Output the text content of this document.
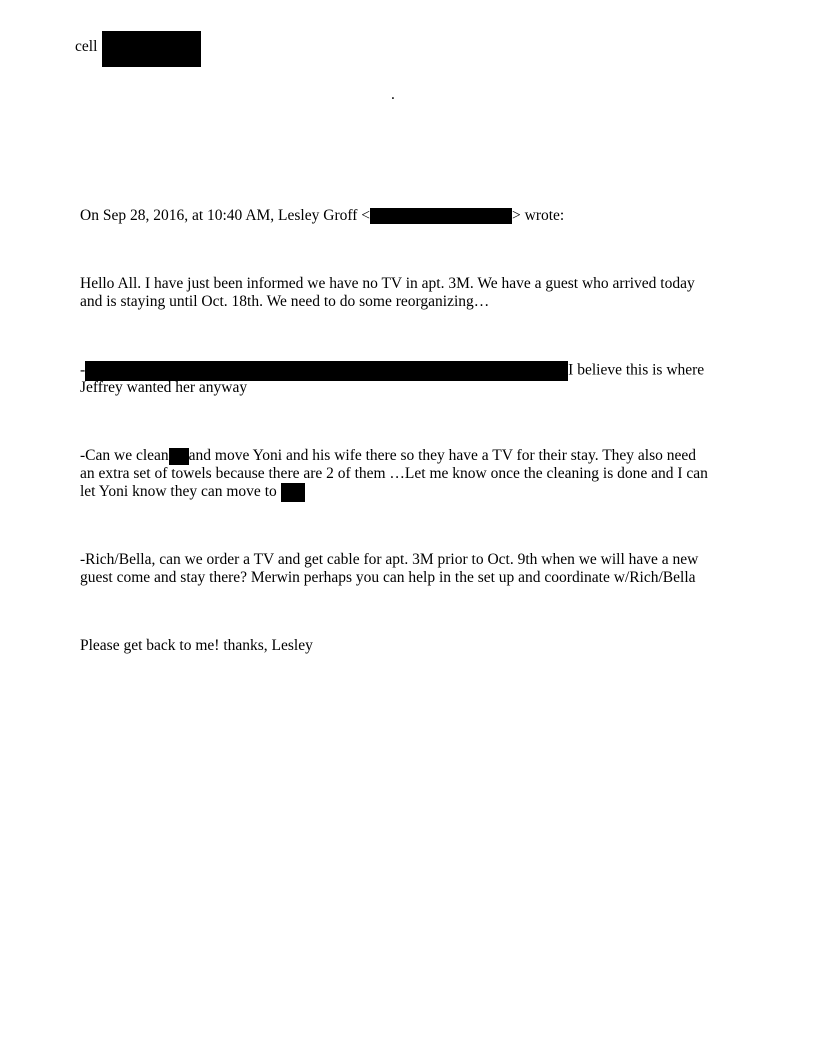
cell
.
On Sep 28, 2016, at 10:40 AM, Lesley Groff <	> wrote:
Hello All. I have just been informed we have no TV in apt. 3M. We have a guest who arrived today
and is staying until Oct. 18th. We need to do some reorganizing…
-	I believe this is where
Jeffrey wanted her anyway
-Can we clean and move Yoni and his wife there so they have a TV for their stay. They also need
an extra set of towels because there are 2 of them …Let me know once the cleaning is done and I can
let Yoni know they can move to
-Rich/Bella, can we order a TV and get cable for apt. 3M prior to Oct. 9th when we will have a new
guest come and stay there? Merwin perhaps you can help in the set up and coordinate w/Rich/Bella
Please get back to me! thanks, Lesley
